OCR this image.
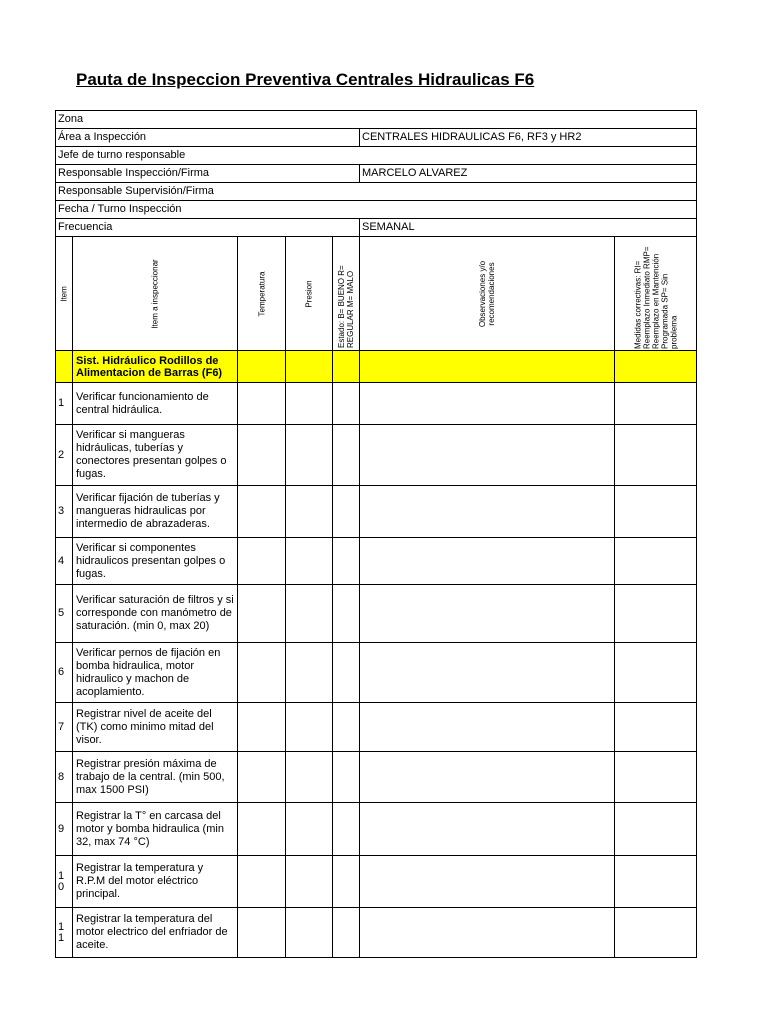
Pauta de Inspeccion Preventiva Centrales Hidraulicas F6
Zona						
Área a Inspección					CENTRALES HIDRAULICAS F6, RF3 y HR2	
Jefe de turno responsable						
Responsable Inspección/Firma					MARCELO ALVAREZ	
Responsable Supervisión/Firma						
Fecha / Turno Inspección						
Frecuencia					SEMANAL	

Item	Item a inspeccionar	Temperatura	Presion	Estado: B= BUENO R= REGULAR M= MALO	Observaciones y/o recomendaciones	Medidas correctivas: RI= Reemplazo Inmediato RMP= Reemplazo en Mantención Programada SP= Sin problema

	Sist. Hidráulico Rodillos de Alimentacion de Barras (F6)					
1	Verificar funcionamiento de central hidráulica.					
2	Verificar si mangueras hidráulicas, tuberías y conectores presentan golpes o fugas.					
3	Verificar fijación de tuberías y mangueras hidraulicas por intermedio de abrazaderas.					
4	Verificar si componentes hidraulicos presentan golpes o fugas.					
5	Verificar saturación de filtros y si corresponde con manómetro de saturación. (min 0, max 20)					
6	Verificar pernos de fijación en bomba hidraulica, motor hidraulico y machon de acoplamiento.					
7	Registrar nivel de aceite del (TK) como minimo mitad del visor.					
8	Registrar presión máxima de trabajo de la central. (min 500, max 1500 PSI)					
9	Registrar la T° en carcasa del motor y bomba hidraulica (min 32, max 74 °C)					
10	Registrar la temperatura y R.P.M del motor eléctrico principal.					
11	Registrar la temperatura del motor electrico del enfriador de aceite.					
